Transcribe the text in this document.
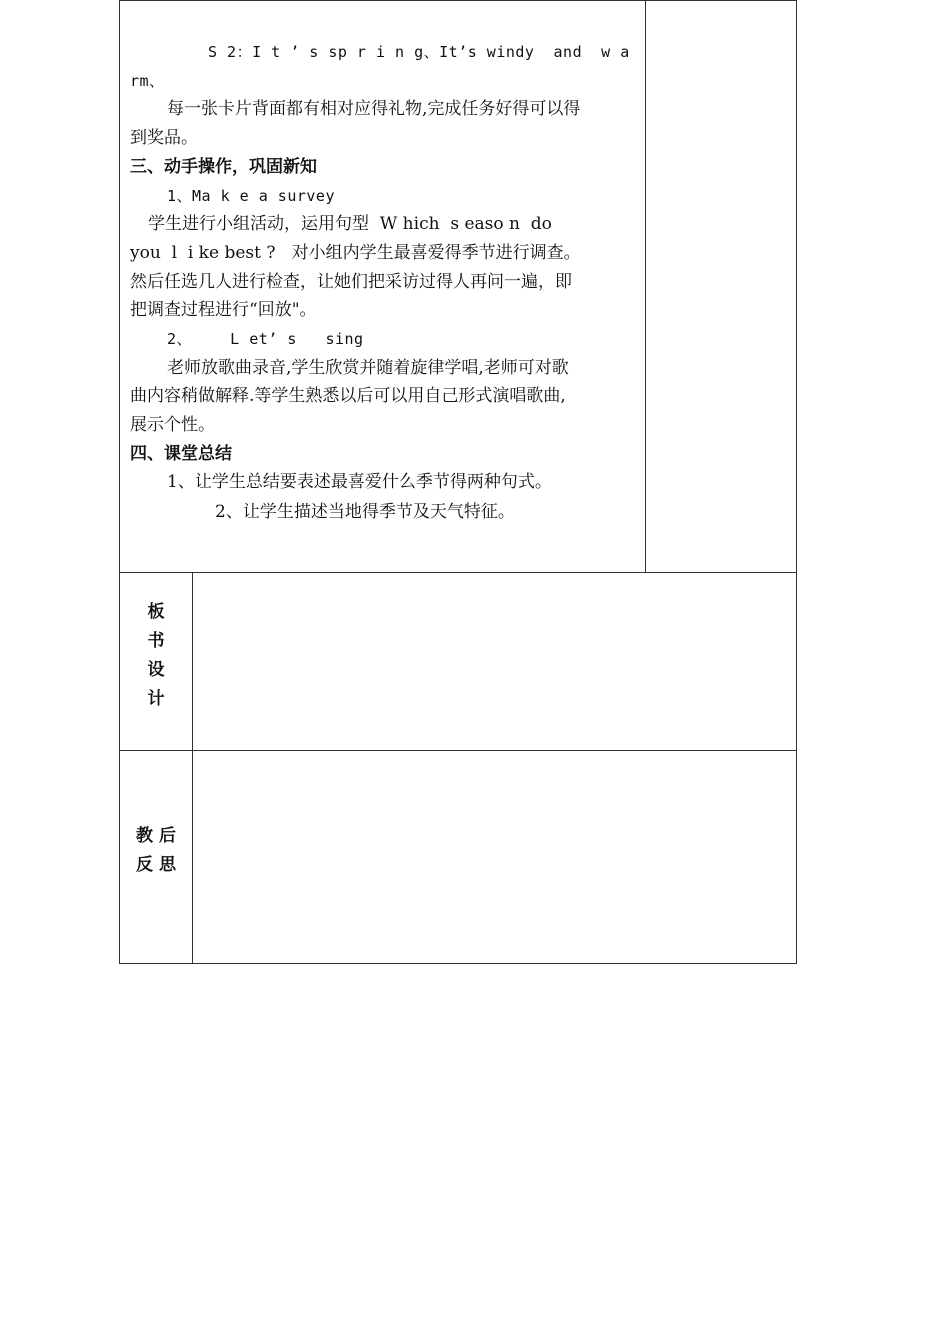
S 2：I t ’ s sp r i n g、It’s windy  and  w a
rm、
每一张卡片背面都有相对应得礼物,完成任务好得可以得
到奖品。
三、动手操作，巩固新知
1、Ma k e a survey
学生进行小组活动，运用句型  W hich  s easo n  do
you  l  i ke best ?   对小组内学生最喜爱得季节进行调查。
然后任选几人进行检查，让她们把采访过得人再问一遍，即
把调查过程进行“回放"。
2、    L et’ s   sing
老师放歌曲录音,学生欣赏并随着旋律学唱,老师可对歌
曲内容稍做解释.等学生熟悉以后可以用自己形式演唱歌曲,
展示个性。
四、课堂总结
1、让学生总结要表述最喜爱什么季节得两种句式。
2、让学生描述当地得季节及天气特征。
板
书
设
计
教 后
反 思
